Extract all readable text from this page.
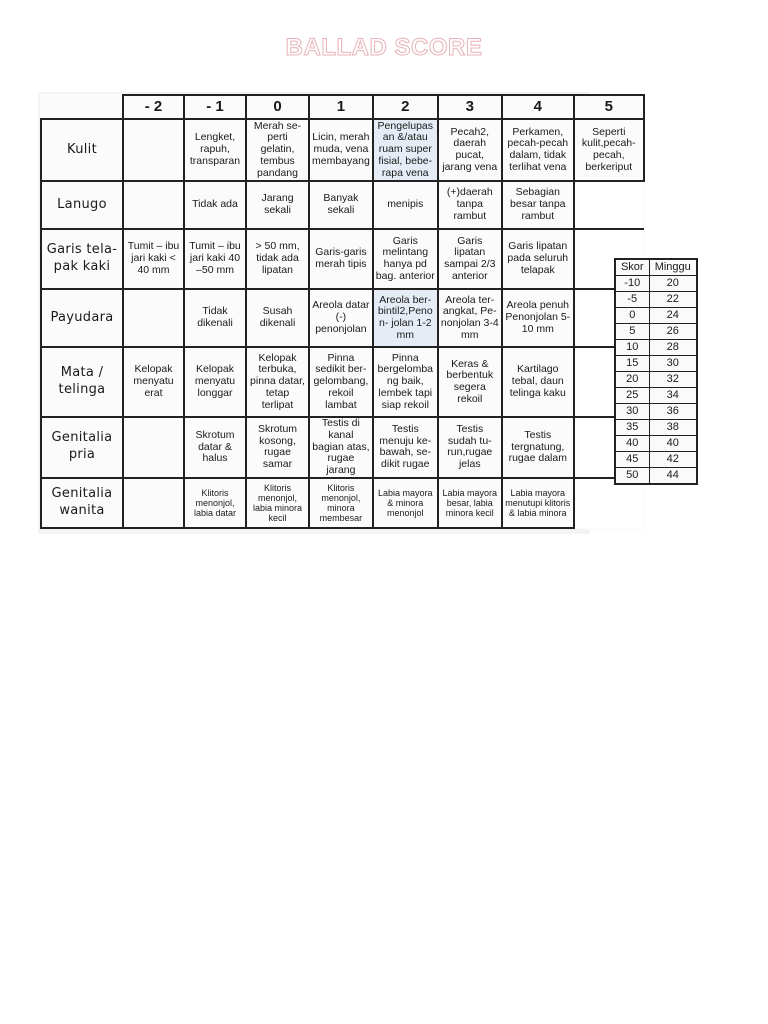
BALLAD SCORE
	- 2	- 1	0	1	2	3	4	5
Kulit		Lengket, rapuh, transparan	Merah se- perti gelatin, tembus pandang	Licin, merah muda, vena membayang	Pengelupas an &/atau ruam super fisial, bebe- rapa vena	Pecah2, daerah pucat, jarang vena	Perkamen, pecah-pecah dalam, tidak terlihat vena	Seperti kulit,pecah- pecah, berkeriput
Lanugo		Tidak ada	Jarang sekali	Banyak sekali	menipis	(+)daerah tanpa rambut	Sebagian besar tanpa rambut	
Garis tela- pak kaki	Tumit – ibu jari kaki < 40 mm	Tumit – ibu jari kaki 40 –50 mm	> 50 mm, tidak ada lipatan	Garis-garis merah tipis	Garis melintang hanya pd bag. anterior	Garis lipatan sampai 2/3 anterior	Garis lipatan pada seluruh telapak	
Payudara		Tidak dikenali	Susah dikenali	Areola datar (-) penonjolan	Areola ber- bintil2,Peno n- jolan 1-2 mm	Areola ter- angkat, Pe- nonjolan 3-4 mm	Areola penuh Penonjolan 5- 10 mm	
Mata / telinga	Kelopak menyatu erat	Kelopak menyatu longgar	Kelopak terbuka, pinna datar, tetap terlipat	Pinna sedikit ber- gelombang, rekoil lambat	Pinna bergelomba ng baik, lembek tapi siap rekoil	Keras & berbentuk segera rekoil	Kartilago tebal, daun telinga kaku	
Genitalia pria		Skrotum datar & halus	Skrotum kosong, rugae samar	Testis di kanal bagian atas, rugae jarang	Testis menuju ke- bawah, se- dikit rugae	Testis sudah tu- run,rugae jelas	Testis tergnatung, rugae dalam	
Genitalia wanita		Klitoris menonjol, labia datar	Klitoris menonjol, labia minora kecil	Klitoris menonjol, minora membesar	Labia mayora & minora menonjol	Labia mayora besar, labia minora kecil	Labia mayora menutupi klitoris & labia minora	
Skor	Minggu
-10	20
-5	22
0	24
5	26
10	28
15	30
20	32
25	34
30	36
35	38
40	40
45	42
50	44
